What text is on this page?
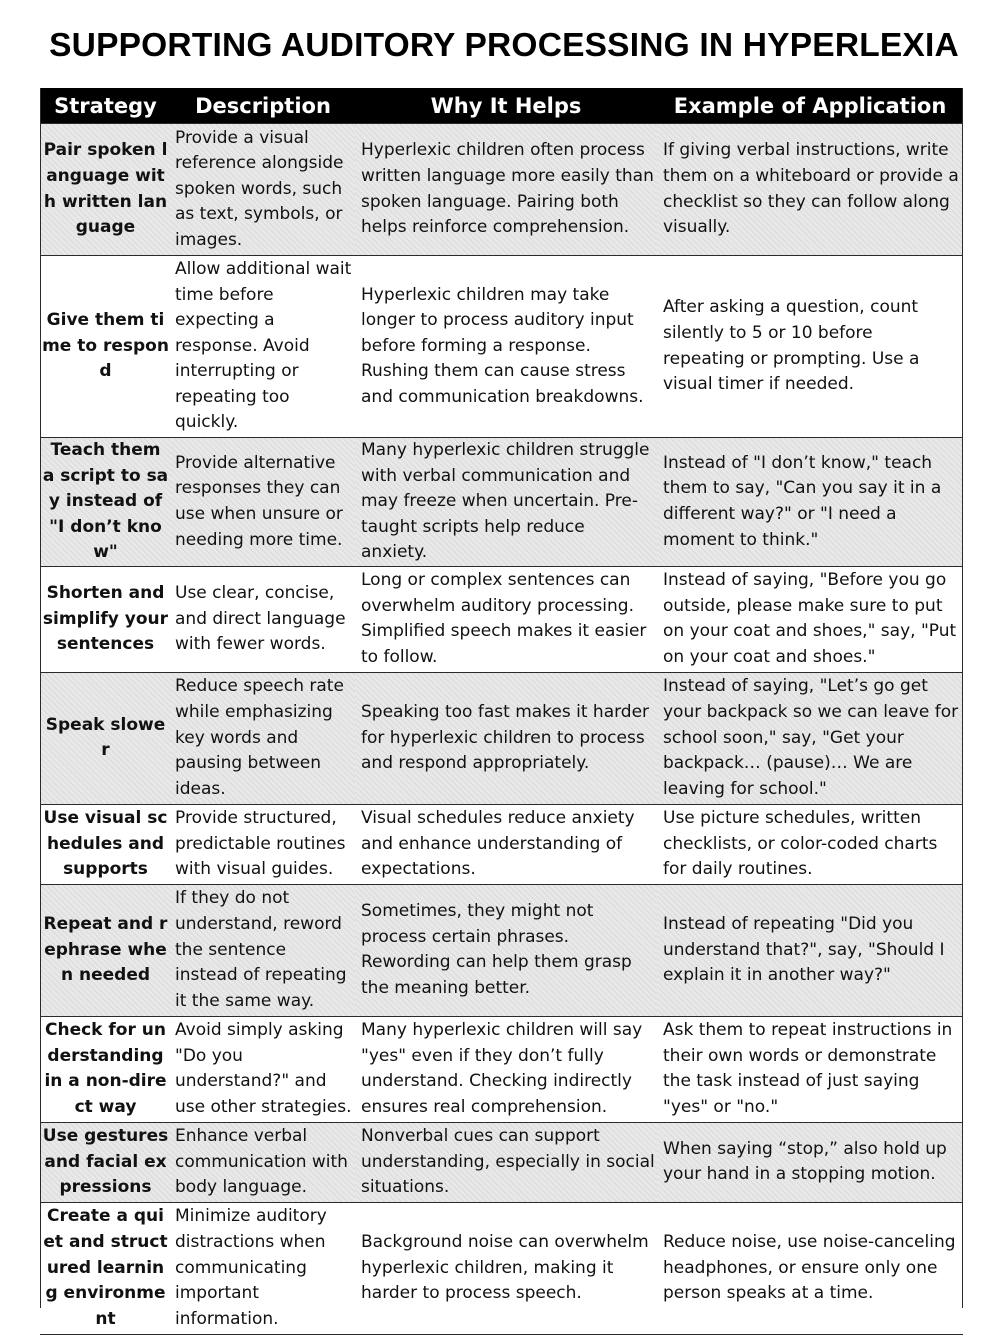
SUPPORTING AUDITORY PROCESSING IN HYPERLEXIA
Strategy	Description	Why It Helps	Example of Application
Pair spoken language with written language	Provide a visual reference alongside spoken words, such as text, symbols, or images.	Hyperlexic children often process written language more easily than spoken language. Pairing both helps reinforce comprehension.	If giving verbal instructions, write them on a whiteboard or provide a checklist so they can follow along visually.
Give them time to respond	Allow additional wait time before expecting a response. Avoid interrupting or repeating too quickly.	Hyperlexic children may take longer to process auditory input before forming a response. Rushing them can cause stress and communication breakdowns.	After asking a question, count silently to 5 or 10 before repeating or prompting. Use a visual timer if needed.
Teach them a script to say instead of "I don’t know"	Provide alternative responses they can use when unsure or needing more time.	Many hyperlexic children struggle with verbal communication and may freeze when uncertain. Pre-taught scripts help reduce anxiety.	Instead of "I don’t know," teach them to say, "Can you say it in a different way?" or "I need a moment to think."
Shorten and simplify your sentences	Use clear, concise, and direct language with fewer words.	Long or complex sentences can overwhelm auditory processing. Simplified speech makes it easier to follow.	Instead of saying, "Before you go outside, please make sure to put on your coat and shoes," say, "Put on your coat and shoes."
Speak slower	Reduce speech rate while emphasizing key words and pausing between ideas.	Speaking too fast makes it harder for hyperlexic children to process and respond appropriately.	Instead of saying, "Let’s go get your backpack so we can leave for school soon," say, "Get your backpack… (pause)… We are leaving for school."
Use visual schedules and supports	Provide structured, predictable routines with visual guides.	Visual schedules reduce anxiety and enhance understanding of expectations.	Use picture schedules, written checklists, or color-coded charts for daily routines.
Repeat and rephrase when needed	If they do not understand, reword the sentence instead of repeating it the same way.	Sometimes, they might not process certain phrases. Rewording can help them grasp the meaning better.	Instead of repeating "Did you understand that?", say, "Should I explain it in another way?"
Check for understanding in a non-direct way	Avoid simply asking "Do you understand?" and use other strategies.	Many hyperlexic children will say "yes" even if they don’t fully understand. Checking indirectly ensures real comprehension.	Ask them to repeat instructions in their own words or demonstrate the task instead of just saying "yes" or "no."
Use gestures and facial expressions	Enhance verbal communication with body language.	Nonverbal cues can support understanding, especially in social situations.	When saying “stop,” also hold up your hand in a stopping motion.
Create a quiet and structured learning environment	Minimize auditory distractions when communicating important information.	Background noise can overwhelm hyperlexic children, making it harder to process speech.	Reduce noise, use noise-canceling headphones, or ensure only one person speaks at a time.
